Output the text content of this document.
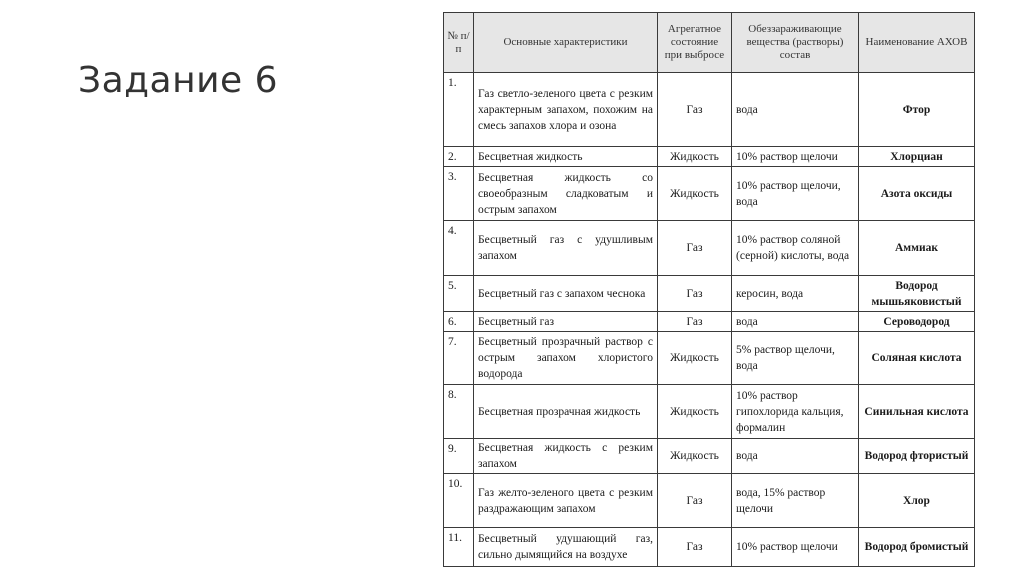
Задание 6
№ п/п	Основные характеристики	Агрегатное состояние при выбросе	Обеззараживающие вещества (растворы) состав	Наименование АХОВ
1.	Газ светло-зеленого цвета с резким характерным запахом, похожим на смесь запахов хлора и озона	Газ	вода	Фтор
2.	Бесцветная жидкость	Жидкость	10% раствор щелочи	Хлорциан
3.	Бесцветная жидкость со своеобразным сладковатым и острым запахом	Жидкость	10% раствор щелочи, вода	Азота оксиды
4.	Бесцветный газ с удушливым запахом	Газ	10% раствор соляной (серной) кислоты, вода	Аммиак
5.	Бесцветный газ с запахом чеснока	Газ	керосин, вода	Водород мышьяковистый
6.	Бесцветный газ	Газ	вода	Сероводород
7.	Бесцветный прозрачный раствор с острым запахом хлористого водорода	Жидкость	5% раствор щелочи, вода	Соляная кислота
8.	Бесцветная прозрачная жидкость	Жидкость	10% раствор гипохлорида кальция, формалин	Синильная кислота
9.	Бесцветная жидкость с резким запахом	Жидкость	вода	Водород фтористый
10.	Газ желто-зеленого цвета с резким раздражающим запахом	Газ	вода, 15% раствор щелочи	Хлор
11.	Бесцветный удушающий газ, сильно дымящийся на воздухе	Газ	10% раствор щелочи	Водород бромистый
